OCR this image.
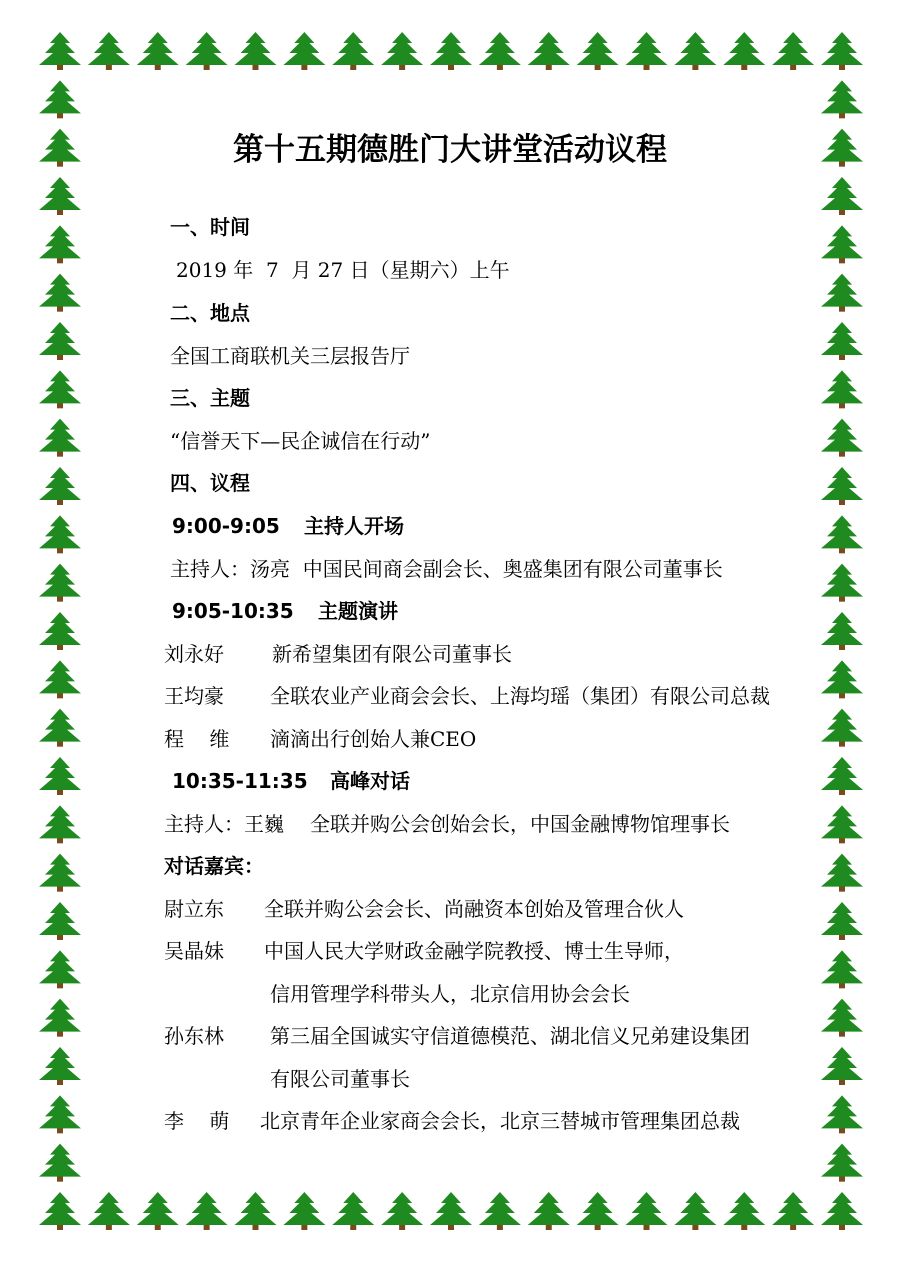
第十五期德胜门大讲堂活动议程
一、时间
2019 年  7  月 27 日（星期六）上午
二、地点
全国工商联机关三层报告厅
三、主题
“信誉天下—民企诚信在行动”
四、议程
9:00-9:05 主持人开场
主持人：汤亮  中国民间商会副会长、奥盛集团有限公司董事长
9:05-10:35 主题演讲
刘永好 新希望集团有限公司董事长
王均豪 全联农业产业商会会长、上海均瑶（集团）有限公司总裁
程    维 滴滴出行创始人兼CEO
10:35-11:35 高峰对话
主持人：王巍 全联并购公会创始会长，中国金融博物馆理事长
对话嘉宾：
尉立东 全联并购公会会长、尚融资本创始及管理合伙人
吴晶妹 中国人民大学财政金融学院教授、博士生导师，
信用管理学科带头人，北京信用协会会长
孙东林 第三届全国诚实守信道德模范、湖北信义兄弟建设集团
有限公司董事长
李    萌 北京青年企业家商会会长，北京三替城市管理集团总裁
